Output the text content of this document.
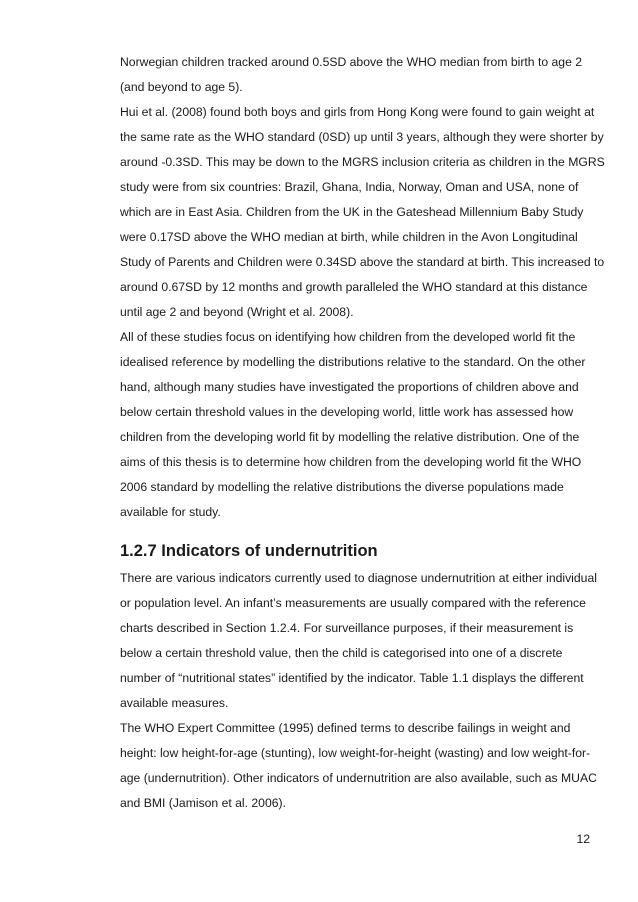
Norwegian children tracked around 0.5SD above the WHO median from birth to age 2
(and beyond to age 5).
Hui et al. (2008) found both boys and girls from Hong Kong were found to gain weight at
the same rate as the WHO standard (0SD) up until 3 years, although they were shorter by
around -0.3SD. This may be down to the MGRS inclusion criteria as children in the MGRS
study were from six countries: Brazil, Ghana, India, Norway, Oman and USA, none of
which are in East Asia. Children from the UK in the Gateshead Millennium Baby Study
were 0.17SD above the WHO median at birth, while children in the Avon Longitudinal
Study of Parents and Children were 0.34SD above the standard at birth. This increased to
around 0.67SD by 12 months and growth paralleled the WHO standard at this distance
until age 2 and beyond (Wright et al. 2008).
All of these studies focus on identifying how children from the developed world fit the
idealised reference by modelling the distributions relative to the standard. On the other
hand, although many studies have investigated the proportions of children above and
below certain threshold values in the developing world, little work has assessed how
children from the developing world fit by modelling the relative distribution. One of the
aims of this thesis is to determine how children from the developing world fit the WHO
2006 standard by modelling the relative distributions the diverse populations made
available for study.
1.2.7 Indicators of undernutrition
There are various indicators currently used to diagnose undernutrition at either individual
or population level. An infant’s measurements are usually compared with the reference
charts described in Section 1.2.4. For surveillance purposes, if their measurement is
below a certain threshold value, then the child is categorised into one of a discrete
number of “nutritional states” identified by the indicator. Table 1.1 displays the different
available measures.
The WHO Expert Committee (1995) defined terms to describe failings in weight and
height: low height-for-age (stunting), low weight-for-height (wasting) and low weight-for-
age (undernutrition). Other indicators of undernutrition are also available, such as MUAC
and BMI (Jamison et al. 2006).
12
